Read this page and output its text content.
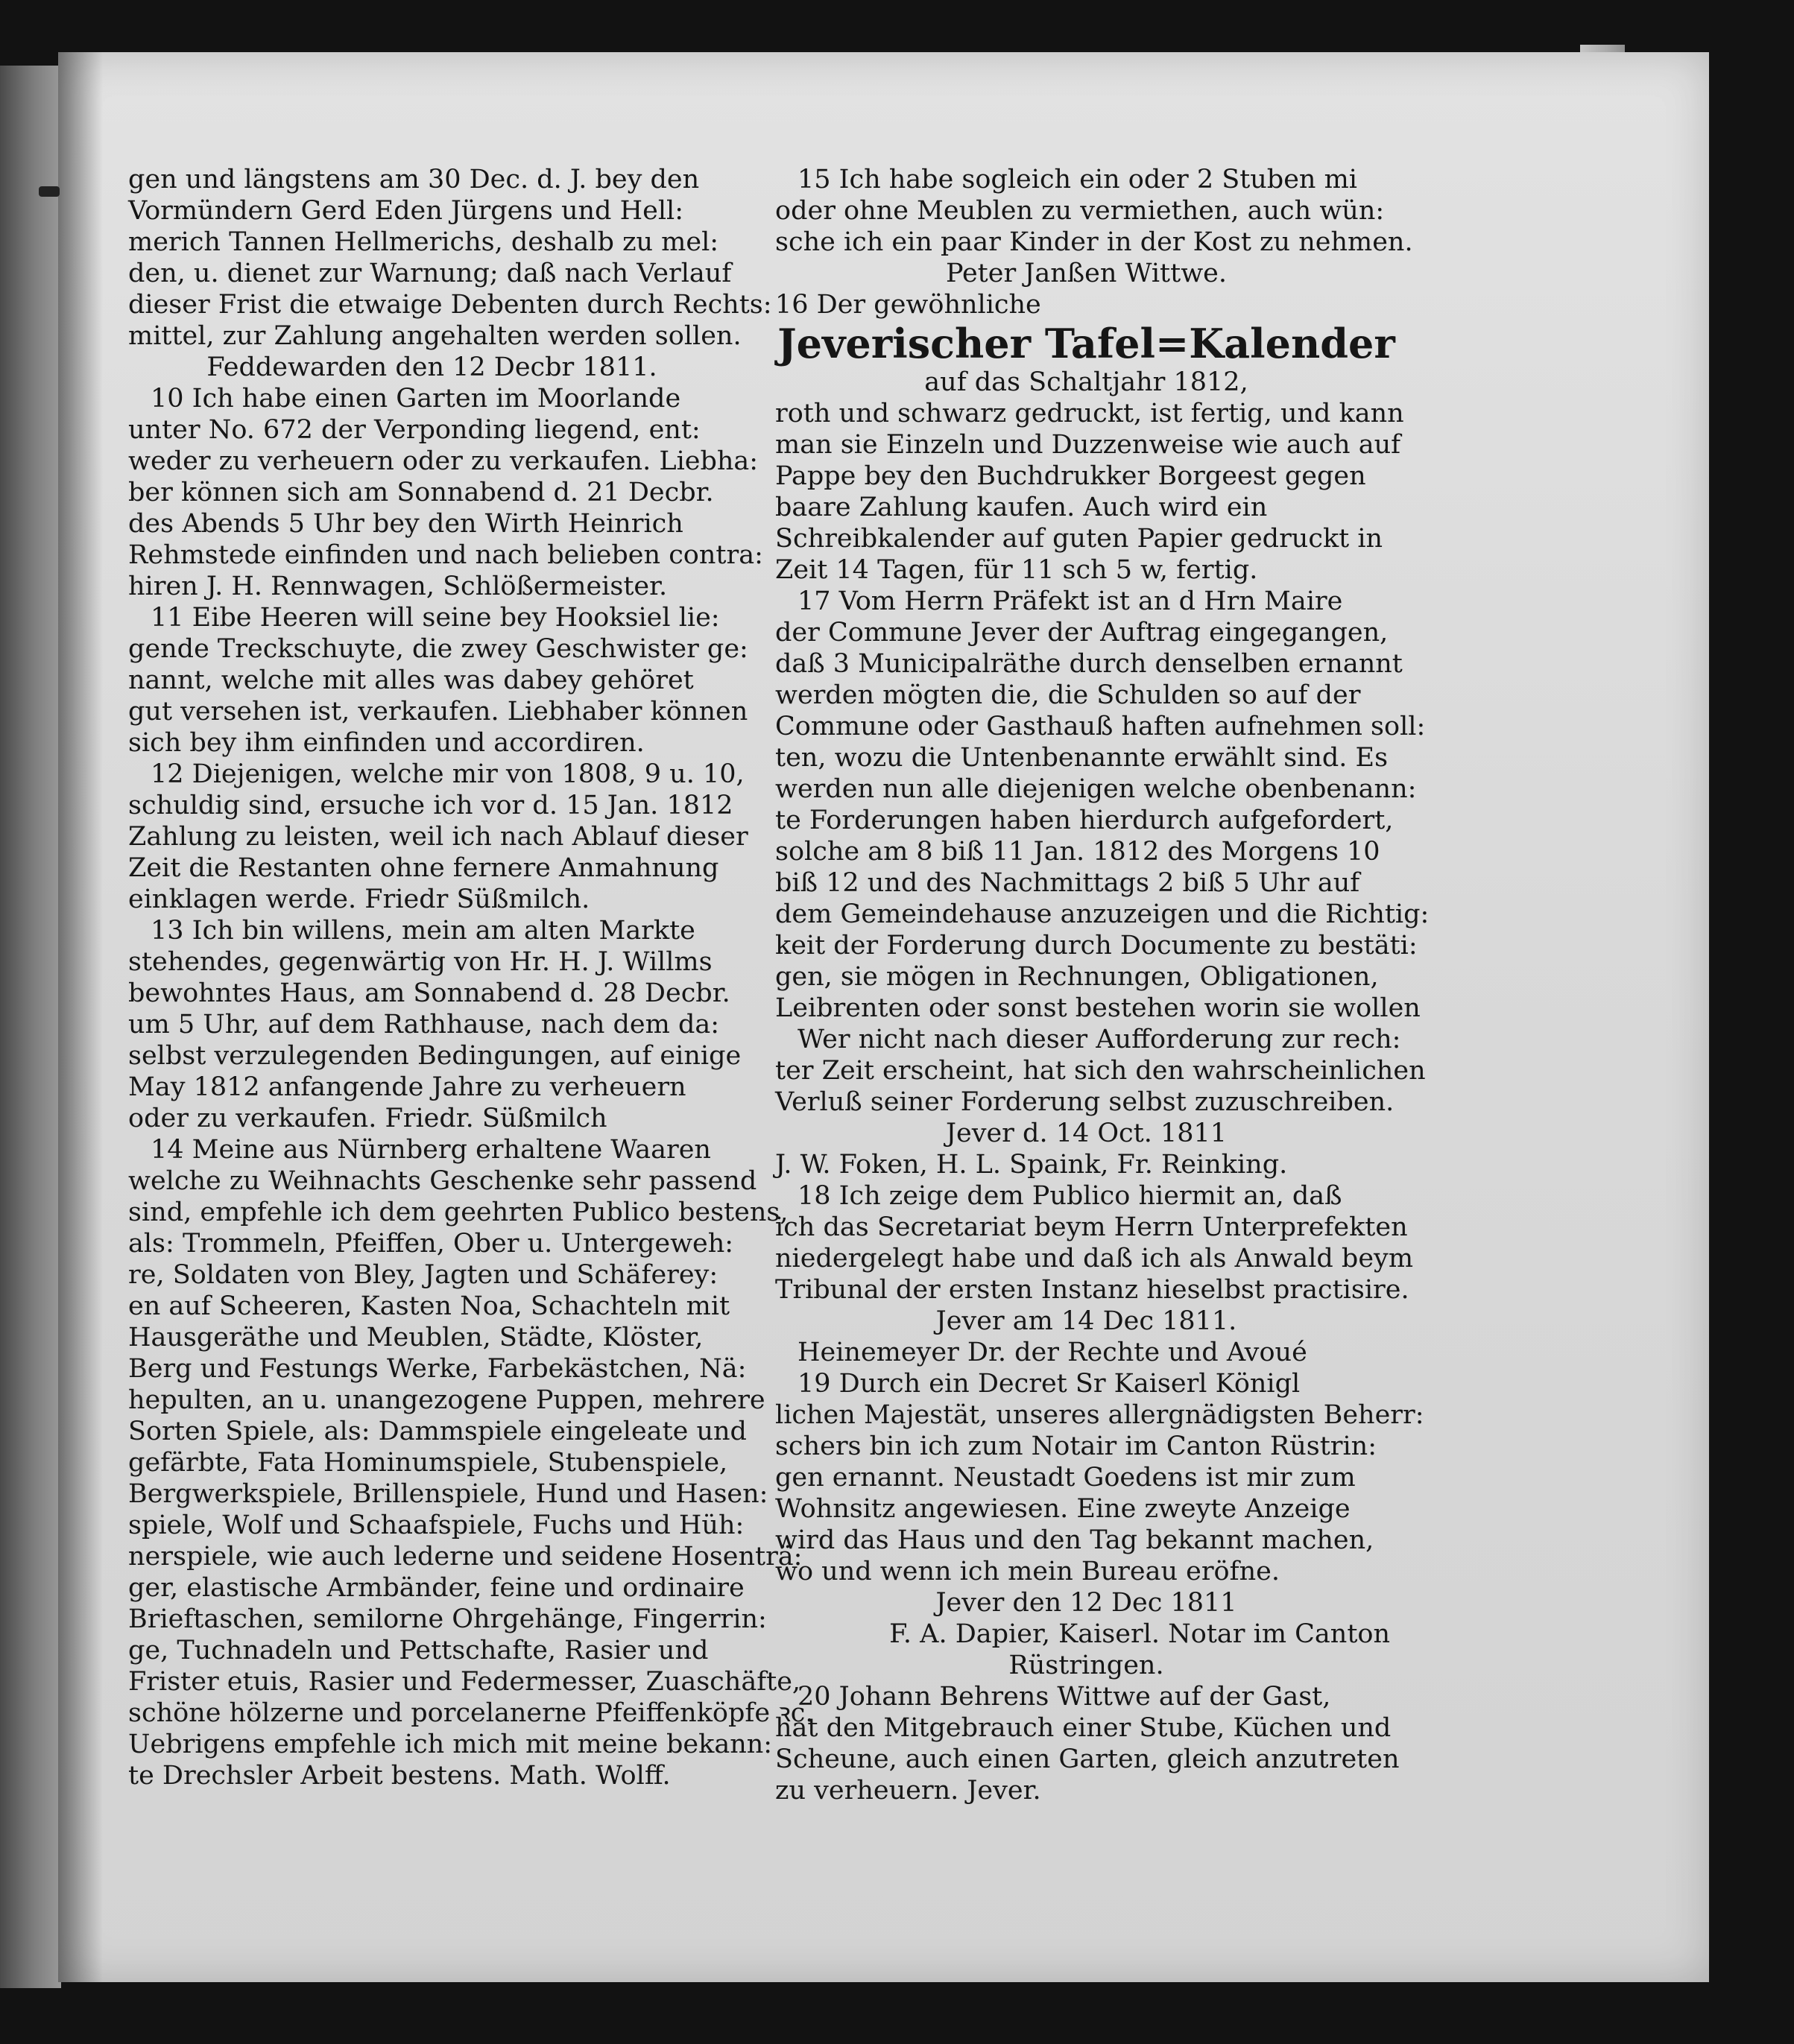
gen und längstens am 30 Dec. d. J. bey den
Vormündern Gerd Eden Jürgens und Hell:
merich Tannen Hellmerichs, deshalb zu mel:
den, u. dienet zur Warnung; daß nach Verlauf
dieser Frist die etwaige Debenten durch Rechts:
mittel, zur Zahlung angehalten werden sollen.
Feddewarden den 12 Decbr 1811.
10 Ich habe einen Garten im Moorlande
unter No. 672 der Verponding liegend, ent:
weder zu verheuern oder zu verkaufen. Liebha:
ber können sich am Sonnabend d. 21 Decbr.
des Abends 5 Uhr bey den Wirth Heinrich
Rehmstede einfinden und nach belieben contra:
hiren J. H. Rennwagen, Schlößermeister.
11 Eibe Heeren will seine bey Hooksiel lie:
gende Treckschuyte, die zwey Geschwister ge:
nannt, welche mit alles was dabey gehöret
gut versehen ist, verkaufen. Liebhaber können
sich bey ihm einfinden und accordiren.
12 Diejenigen, welche mir von 1808, 9 u. 10,
schuldig sind, ersuche ich vor d. 15 Jan. 1812
Zahlung zu leisten, weil ich nach Ablauf dieser
Zeit die Restanten ohne fernere Anmahnung
einklagen werde. Friedr Süßmilch.
13 Ich bin willens, mein am alten Markte
stehendes, gegenwärtig von Hr. H. J. Willms
bewohntes Haus, am Sonnabend d. 28 Decbr.
um 5 Uhr, auf dem Rathhause, nach dem da:
selbst verzulegenden Bedingungen, auf einige
May 1812 anfangende Jahre zu verheuern
oder zu verkaufen. Friedr. Süßmilch
14 Meine aus Nürnberg erhaltene Waaren
welche zu Weihnachts Geschenke sehr passend
sind, empfehle ich dem geehrten Publico bestens,
als: Trommeln, Pfeiffen, Ober u. Untergeweh:
re, Soldaten von Bley, Jagten und Schäferey:
en auf Scheeren, Kasten Noa, Schachteln mit
Hausgeräthe und Meublen, Städte, Klöster,
Berg und Festungs Werke, Farbekästchen, Nä:
hepulten, an u. unangezogene Puppen, mehrere
Sorten Spiele, als: Dammspiele eingeleate und
gefärbte, Fata Hominumspiele, Stubenspiele,
Bergwerkspiele, Brillenspiele, Hund und Hasen:
spiele, Wolf und Schaafspiele, Fuchs und Hüh:
nerspiele, wie auch lederne und seidene Hosenträ:
ger, elastische Armbänder, feine und ordinaire
Brieftaschen, semilorne Ohrgehänge, Fingerrin:
ge, Tuchnadeln und Pettschafte, Rasier und
Frister etuis, Rasier und Federmesser, Zuaschäfte,
schöne hölzerne und porcelanerne Pfeiffenköpfe ꝛc.
Uebrigens empfehle ich mich mit meine bekann:
te Drechsler Arbeit bestens. Math. Wolff.
15 Ich habe sogleich ein oder 2 Stuben mi
oder ohne Meublen zu vermiethen, auch wün:
sche ich ein paar Kinder in der Kost zu nehmen.
Peter Janßen Wittwe.
16 Der gewöhnliche
Jeverischer Tafel=Kalender
auf das Schaltjahr 1812,
roth und schwarz gedruckt, ist fertig, und kann
man sie Einzeln und Duzzenweise wie auch auf
Pappe bey den Buchdrukker Borgeest gegen
baare Zahlung kaufen. Auch wird ein
Schreibkalender auf guten Papier gedruckt in
Zeit 14 Tagen, für 11 sch 5 w, fertig.
17 Vom Herrn Präfekt ist an d Hrn Maire
der Commune Jever der Auftrag eingegangen,
daß 3 Municipalräthe durch denselben ernannt
werden mögten die, die Schulden so auf der
Commune oder Gasthauß haften aufnehmen soll:
ten, wozu die Untenbenannte erwählt sind. Es
werden nun alle diejenigen welche obenbenann:
te Forderungen haben hierdurch aufgefordert,
solche am 8 biß 11 Jan. 1812 des Morgens 10
biß 12 und des Nachmittags 2 biß 5 Uhr auf
dem Gemeindehause anzuzeigen und die Richtig:
keit der Forderung durch Documente zu bestäti:
gen, sie mögen in Rechnungen, Obligationen,
Leibrenten oder sonst bestehen worin sie wollen
Wer nicht nach dieser Aufforderung zur rech:
ter Zeit erscheint, hat sich den wahrscheinlichen
Verluß seiner Forderung selbst zuzuschreiben.
Jever d. 14 Oct. 1811
J. W. Foken, H. L. Spaink, Fr. Reinking.
18 Ich zeige dem Publico hiermit an, daß
ich das Secretariat beym Herrn Unterprefekten
niedergelegt habe und daß ich als Anwald beym
Tribunal der ersten Instanz hieselbst practisire.
Jever am 14 Dec 1811.
Heinemeyer Dr. der Rechte und Avoué
19 Durch ein Decret Sr Kaiserl Königl
lichen Majestät, unseres allergnädigsten Beherr:
schers bin ich zum Notair im Canton Rüstrin:
gen ernannt. Neustadt Goedens ist mir zum
Wohnsitz angewiesen. Eine zweyte Anzeige
wird das Haus und den Tag bekannt machen,
wo und wenn ich mein Bureau eröfne.
Jever den 12 Dec 1811
F. A. Dapier, Kaiserl. Notar im Canton
Rüstringen.
20 Johann Behrens Wittwe auf der Gast,
hat den Mitgebrauch einer Stube, Küchen und
Scheune, auch einen Garten, gleich anzutreten
zu verheuern. Jever.
